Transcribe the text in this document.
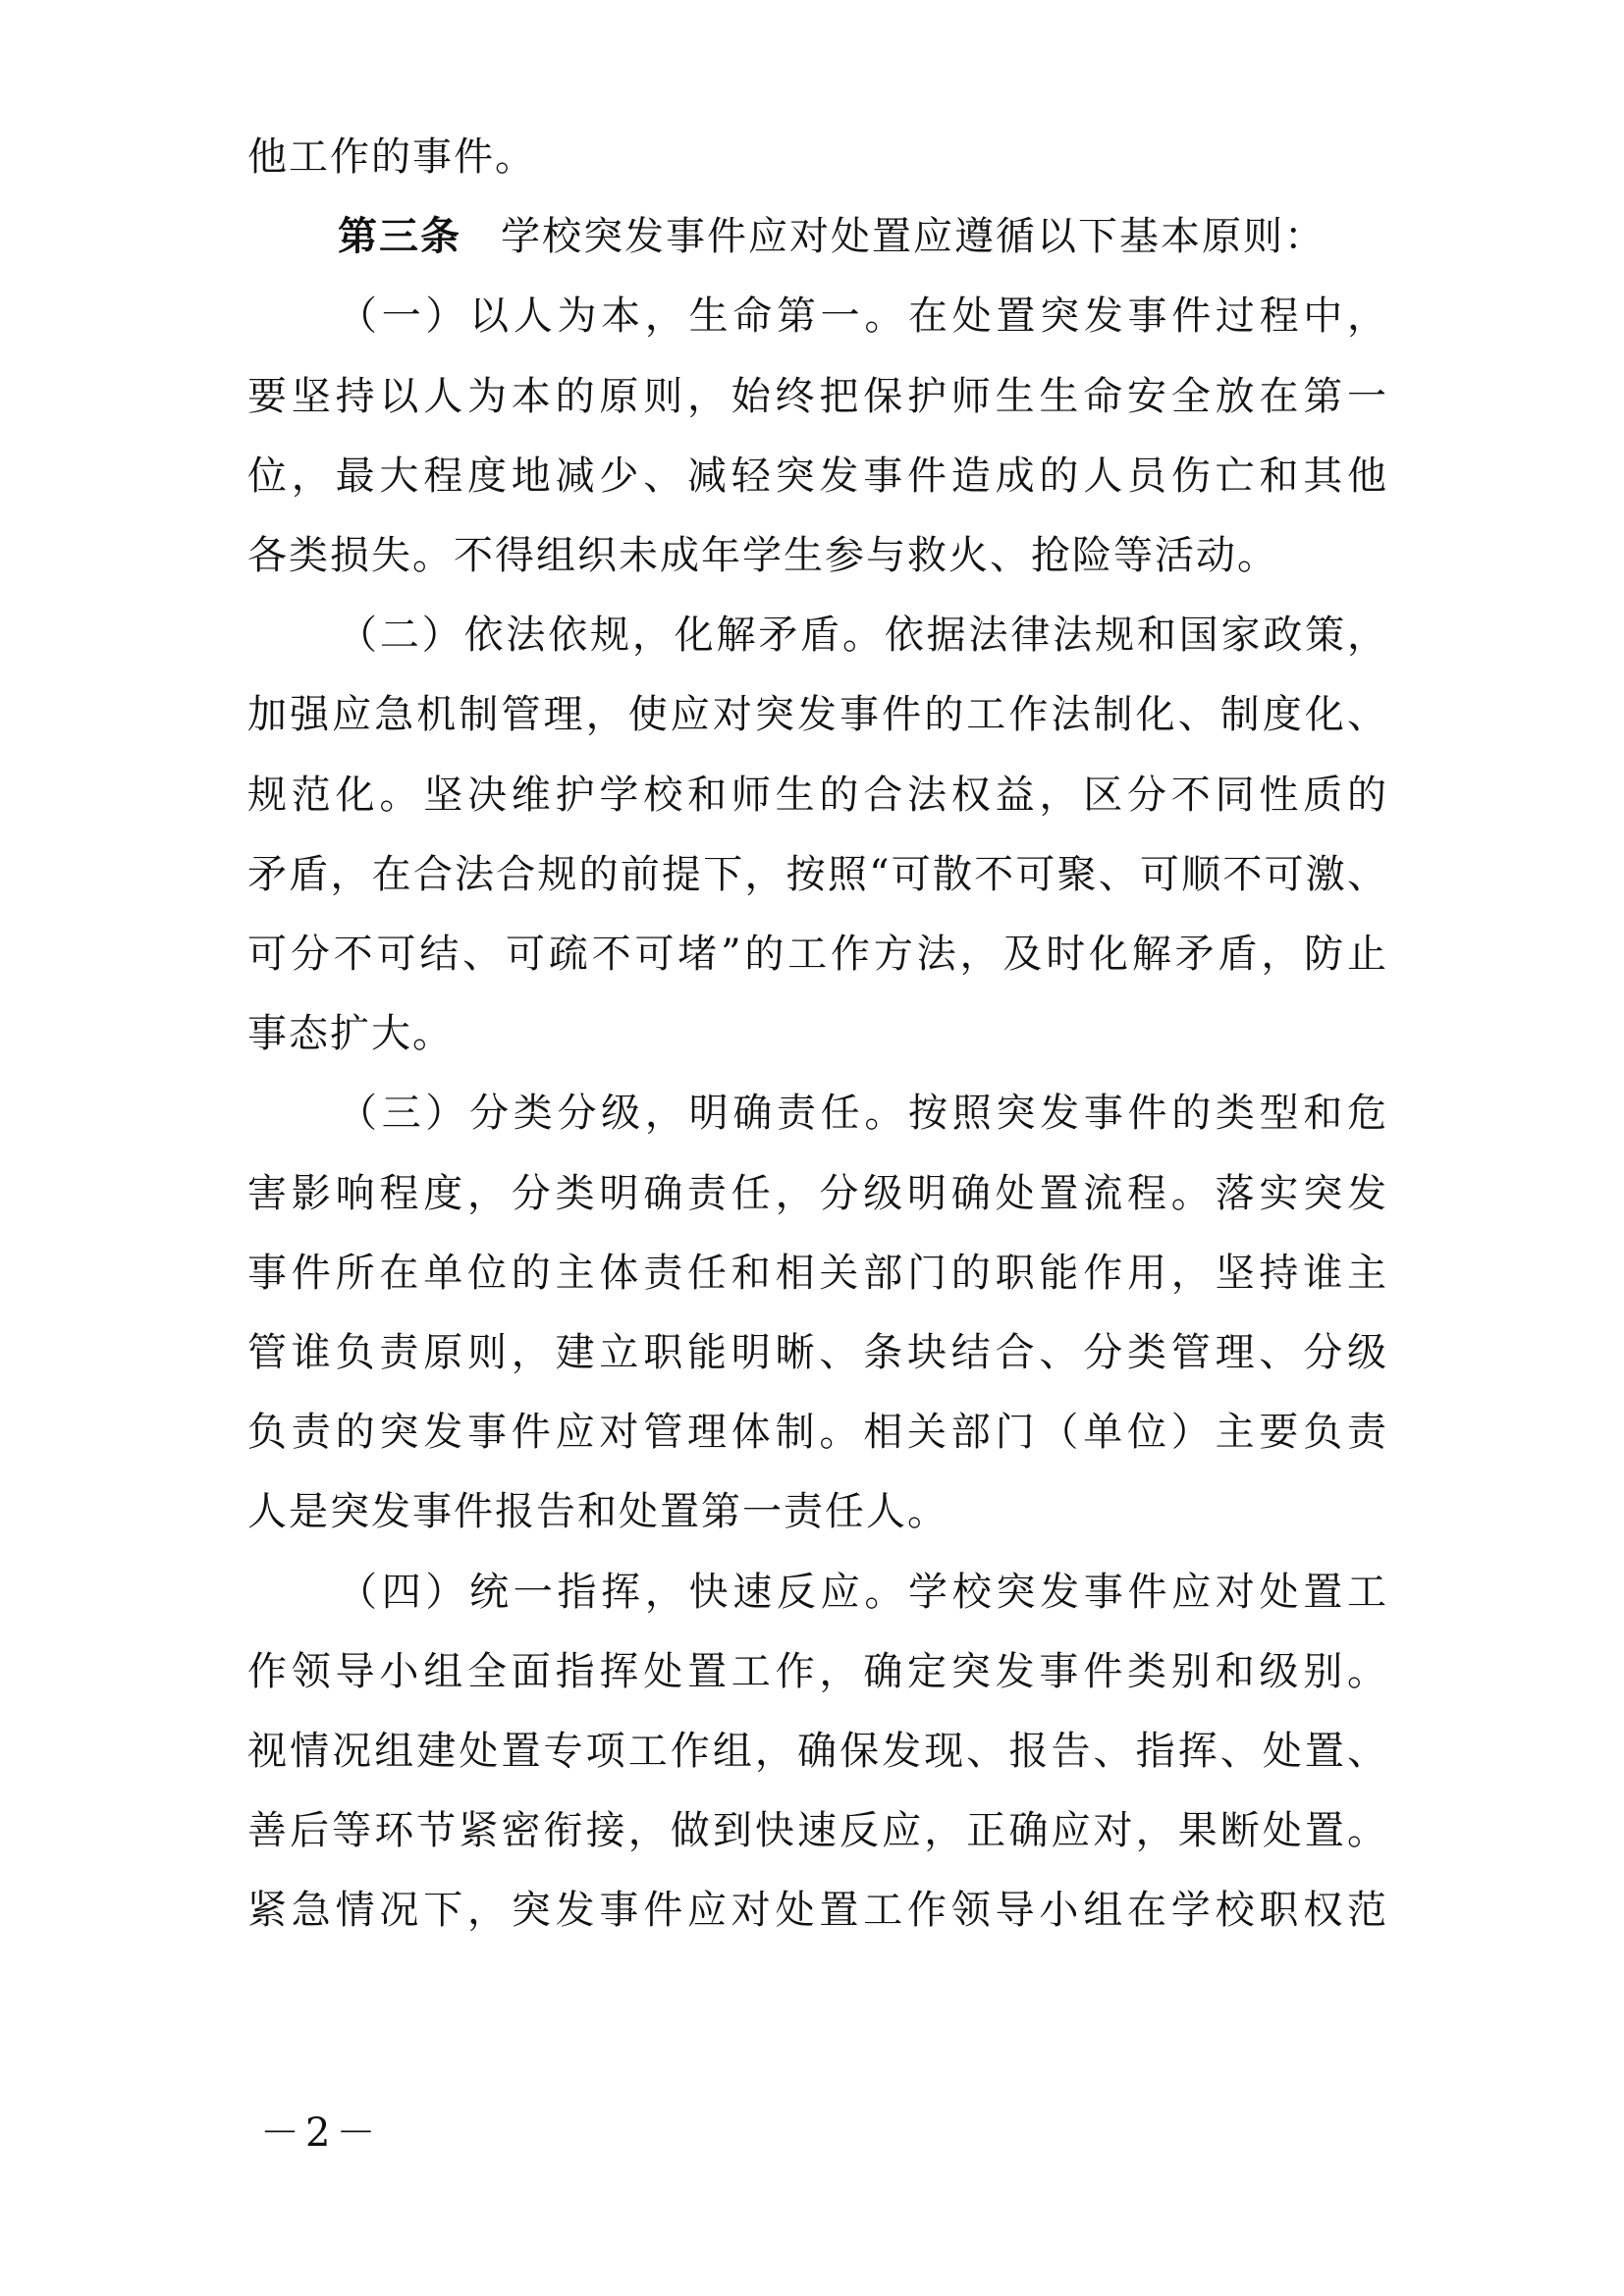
他工作的事件。

第三条 学校突发事件应对处置应遵循以下基本原则：

（一）以人为本，生命第一。在处置突发事件过程中，

要坚持以人为本的原则，始终把保护师生生命安全放在第一

位，最大程度地减少、减轻突发事件造成的人员伤亡和其他

各类损失。不得组织未成年学生参与救火、抢险等活动。

（二）依法依规，化解矛盾。依据法律法规和国家政策，

加强应急机制管理，使应对突发事件的工作法制化、制度化、

规范化。坚决维护学校和师生的合法权益，区分不同性质的

矛盾，在合法合规的前提下，按照“可散不可聚、可顺不可激、

可分不可结、可疏不可堵”的工作方法，及时化解矛盾，防止

事态扩大。

（三）分类分级，明确责任。按照突发事件的类型和危

害影响程度，分类明确责任，分级明确处置流程。落实突发

事件所在单位的主体责任和相关部门的职能作用，坚持谁主

管谁负责原则，建立职能明晰、条块结合、分类管理、分级

负责的突发事件应对管理体制。相关部门（单位）主要负责

人是突发事件报告和处置第一责任人。

（四）统一指挥，快速反应。学校突发事件应对处置工

作领导小组全面指挥处置工作，确定突发事件类别和级别。

视情况组建处置专项工作组，确保发现、报告、指挥、处置、

善后等环节紧密衔接，做到快速反应，正确应对，果断处置。

紧急情况下，突发事件应对处置工作领导小组在学校职权范

－2－
